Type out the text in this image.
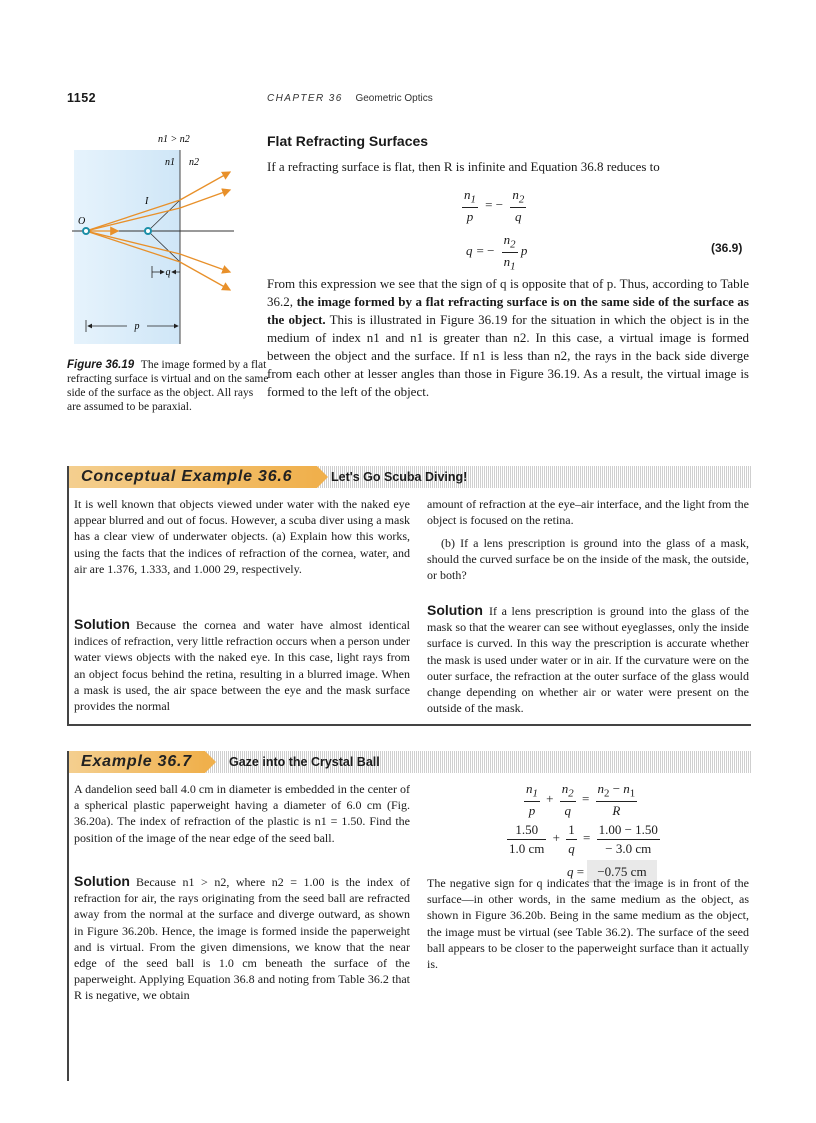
1152	CHAPTER 36 Geometric Optics
n1 > n2
n1 n2
O
I
q
p
Figure 36.19 The image formed by a flat refracting surface is virtual and on the same side of the surface as the object. All rays are assumed to be paraxial.
Flat Refracting Surfaces
If a refracting surface is flat, then R is infinite and Equation 36.8 reduces to
$\frac{n_1}{p}$ = − $\frac{n_2}{q}$
q = − $\frac{n_2}{n_1}$ p	(36.9)
From this expression we see that the sign of q is opposite that of p. Thus, according to Table 36.2, the image formed by a flat refracting surface is on the same side of the surface as the object. This is illustrated in Figure 36.19 for the situation in which the object is in the medium of index n1 and n1 is greater than n2. In this case, a virtual image is formed between the object and the surface. If n1 is less than n2, the rays in the back side diverge from each other at lesser angles than those in Figure 36.19. As a result, the virtual image is formed to the left of the object.
Conceptual Example 36.6	Let's Go Scuba Diving!
It is well known that objects viewed under water with the naked eye appear blurred and out of focus. However, a scuba diver using a mask has a clear view of underwater objects. (a) Explain how this works, using the facts that the indices of refraction of the cornea, water, and air are 1.376, 1.333, and 1.000 29, respectively.
Solution Because the cornea and water have almost identical indices of refraction, very little refraction occurs when a person under water views objects with the naked eye. In this case, light rays from an object focus behind the retina, resulting in a blurred image. When a mask is used, the air space between the eye and the mask surface provides the normal
amount of refraction at the eye–air interface, and the light from the object is focused on the retina.
(b) If a lens prescription is ground into the glass of a mask, should the curved surface be on the inside of the mask, the outside, or both?
Solution If a lens prescription is ground into the glass of the mask so that the wearer can see without eyeglasses, only the inside surface is curved. In this way the prescription is accurate whether the mask is used under water or in air. If the curvature were on the outer surface, the refraction at the outer surface of the glass would change depending on whether air or water were present on the outside of the mask.
Example 36.7	Gaze into the Crystal Ball
A dandelion seed ball 4.0 cm in diameter is embedded in the center of a spherical plastic paperweight having a diameter of 6.0 cm (Fig. 36.20a). The index of refraction of the plastic is n1 = 1.50. Find the position of the image of the near edge of the seed ball.
Solution Because n1 > n2, where n2 = 1.00 is the index of refraction for air, the rays originating from the seed ball are refracted away from the normal at the surface and diverge outward, as shown in Figure 36.20b. Hence, the image is formed inside the paperweight and is virtual. From the given dimensions, we know that the near edge of the seed ball is 1.0 cm beneath the surface of the paperweight. Applying Equation 36.8 and noting from Table 36.2 that R is negative, we obtain
$\frac{n_1}{p} + \frac{n_2}{q} = \frac{n_2 - n_1}{R}$
$\frac{1.50}{1.0 cm} + \frac{1}{q} = \frac{1.00 - 1.50}{- 3.0 cm}$
q = −0.75 cm
The negative sign for q indicates that the image is in front of the surface—in other words, in the same medium as the object, as shown in Figure 36.20b. Being in the same medium as the object, the image must be virtual (see Table 36.2). The surface of the seed ball appears to be closer to the paperweight surface than it actually is.
